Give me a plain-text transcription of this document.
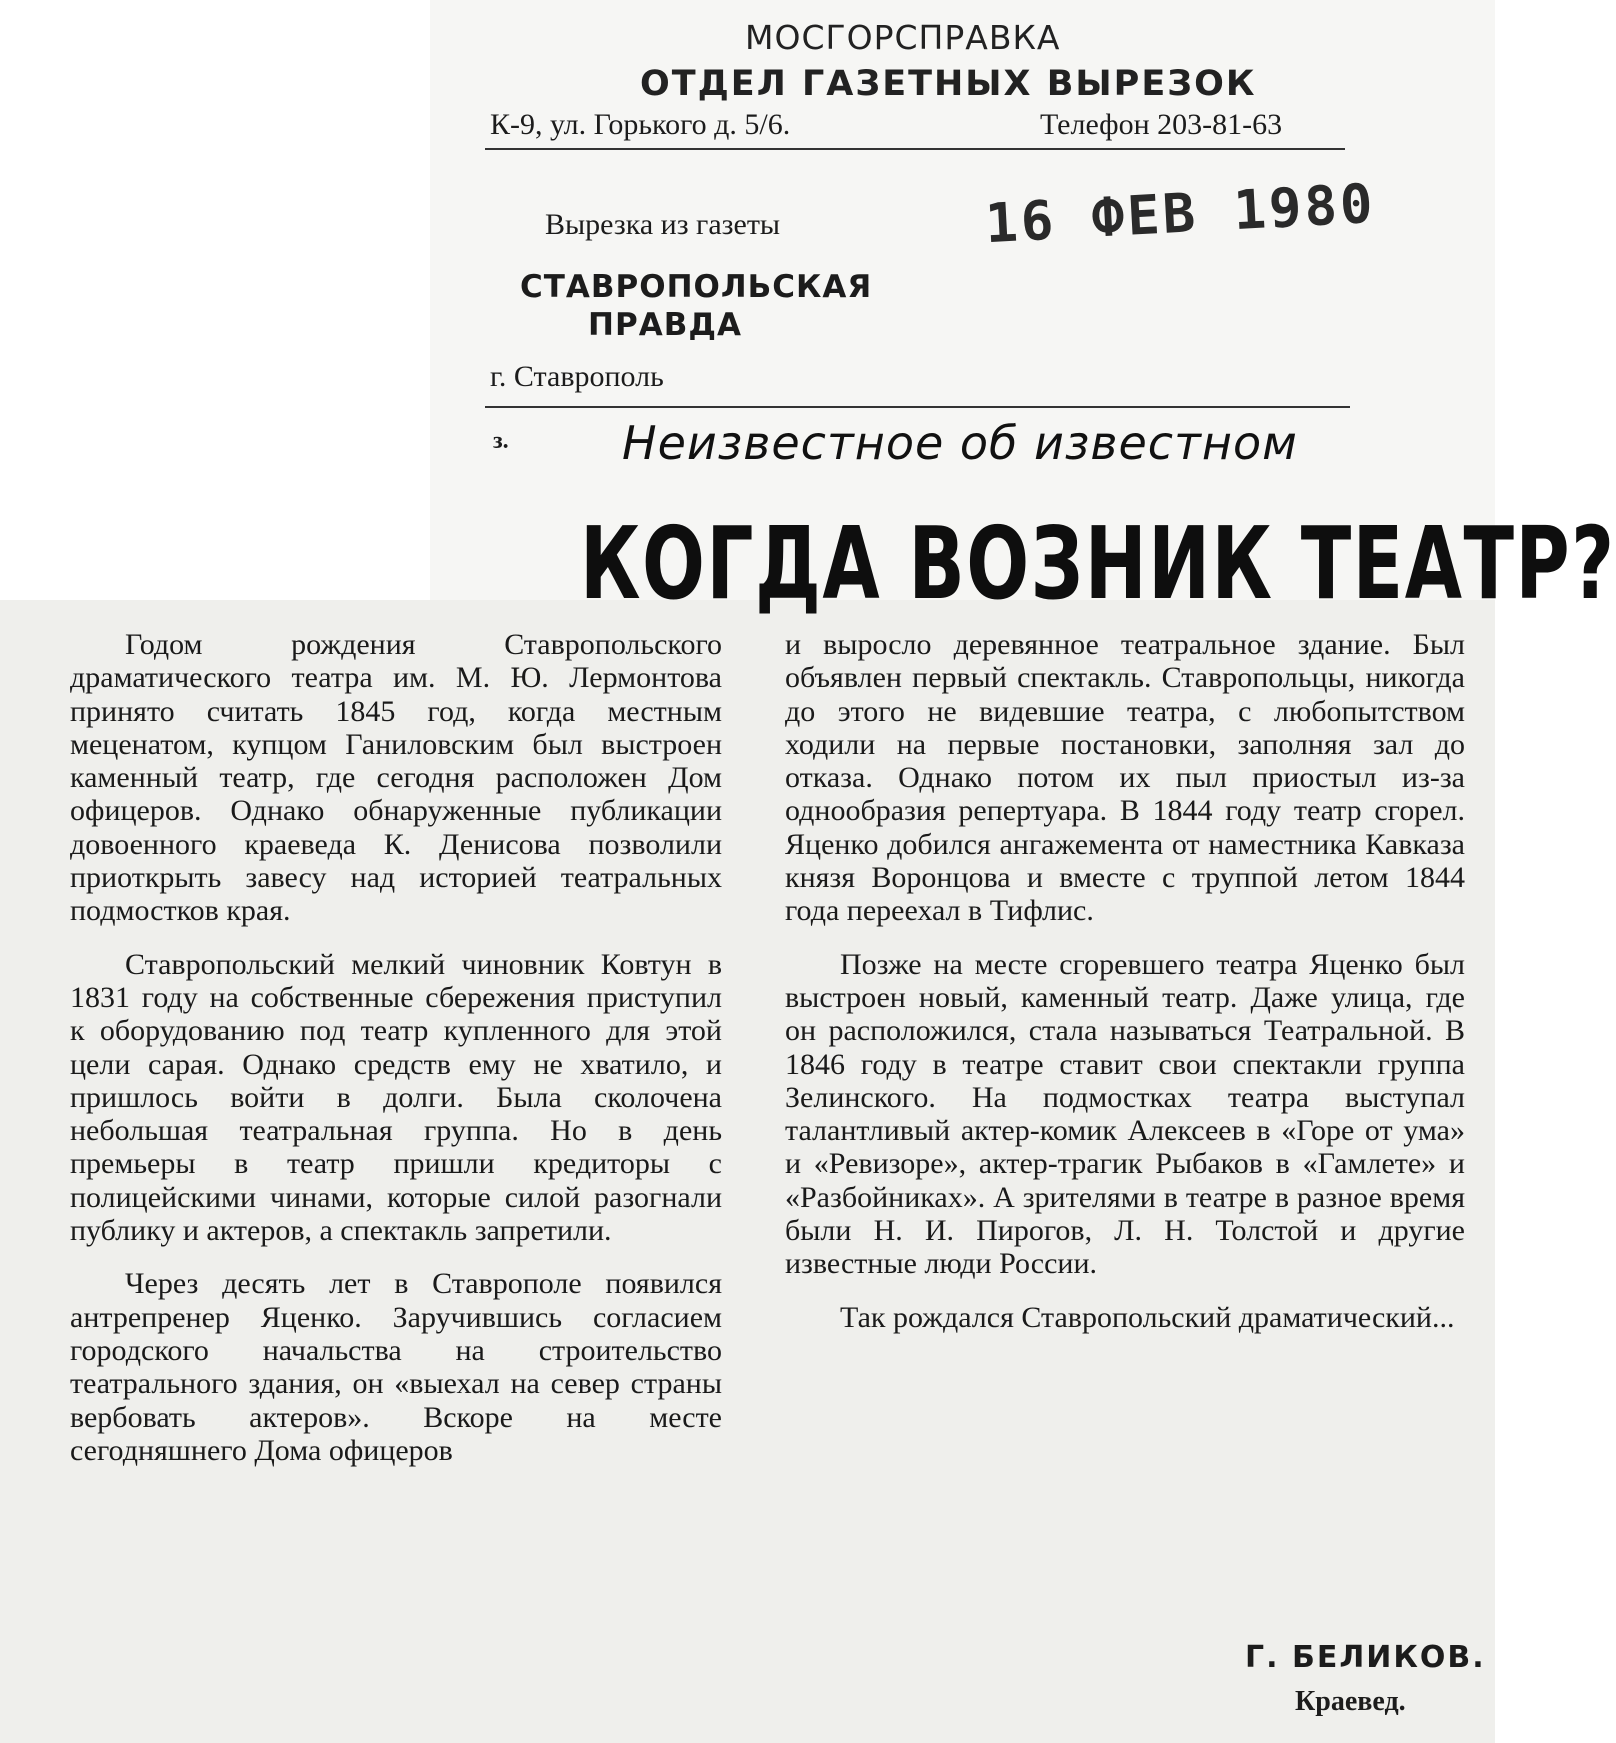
МОСГОРСПРАВКА
ОТДЕЛ ГАЗЕТНЫХ ВЫРЕЗОК
К-9, ул. Горького д. 5/6.	Телефон 203-81-63
Вырезка из газеты	16 ФЕВ 1980
СТАВРОПОЛЬСКАЯ ПРАВДА
г. Ставрополь
з. Неизвестное об известном
КОГДА ВОЗНИК ТЕАТР?

Годом рождения Ставропольского драматического театра им. М. Ю. Лермонтова принято считать 1845 год, когда местным меценатом, купцом Ганиловским был выстроен каменный театр, где сегодня расположен Дом офицеров. Однако обнаруженные публикации довоенного краеведа К. Денисова позволили приоткрыть завесу над историей театральных подмостков края.

Ставропольский мелкий чиновник Ковтун в 1831 году на собственные сбережения приступил к оборудованию под театр купленного для этой цели сарая. Однако средств ему не хватило, и пришлось войти в долги. Была сколочена небольшая театральная группа. Но в день премьеры в театр пришли кредиторы с полицейскими чинами, которые силой разогнали публику и актеров, а спектакль запретили.

Через десять лет в Ставрополе появился антрепренер Яценко. Заручившись согласием городского начальства на строительство театрального здания, он «выехал на север страны вербовать актеров». Вскоре на месте сегодняшнего Дома офицеров

и выросло деревянное театральное здание. Был объявлен первый спектакль. Ставропольцы, никогда до этого не видевшие театра, с любопытством ходили на первые постановки, заполняя зал до отказа. Однако потом их пыл приостыл из-за однообразия репертуара. В 1844 году театр сгорел. Яценко добился ангажемента от наместника Кавказа князя Воронцова и вместе с труппой летом 1844 года переехал в Тифлис.

Позже на месте сгоревшего театра Яценко был выстроен новый, каменный театр. Даже улица, где он расположился, стала называться Театральной. В 1846 году в театре ставит свои спектакли группа Зелинского. На подмостках театра выступал талантливый актер-комик Алексеев в «Горе от ума» и «Ревизоре», актер-трагик Рыбаков в «Гамлете» и «Разбойниках». А зрителями в театре в разное время были Н. И. Пирогов, Л. Н. Толстой и другие известные люди России.

Так рождался Ставропольский драматический...

Г. БЕЛИКОВ.
Краевед.
